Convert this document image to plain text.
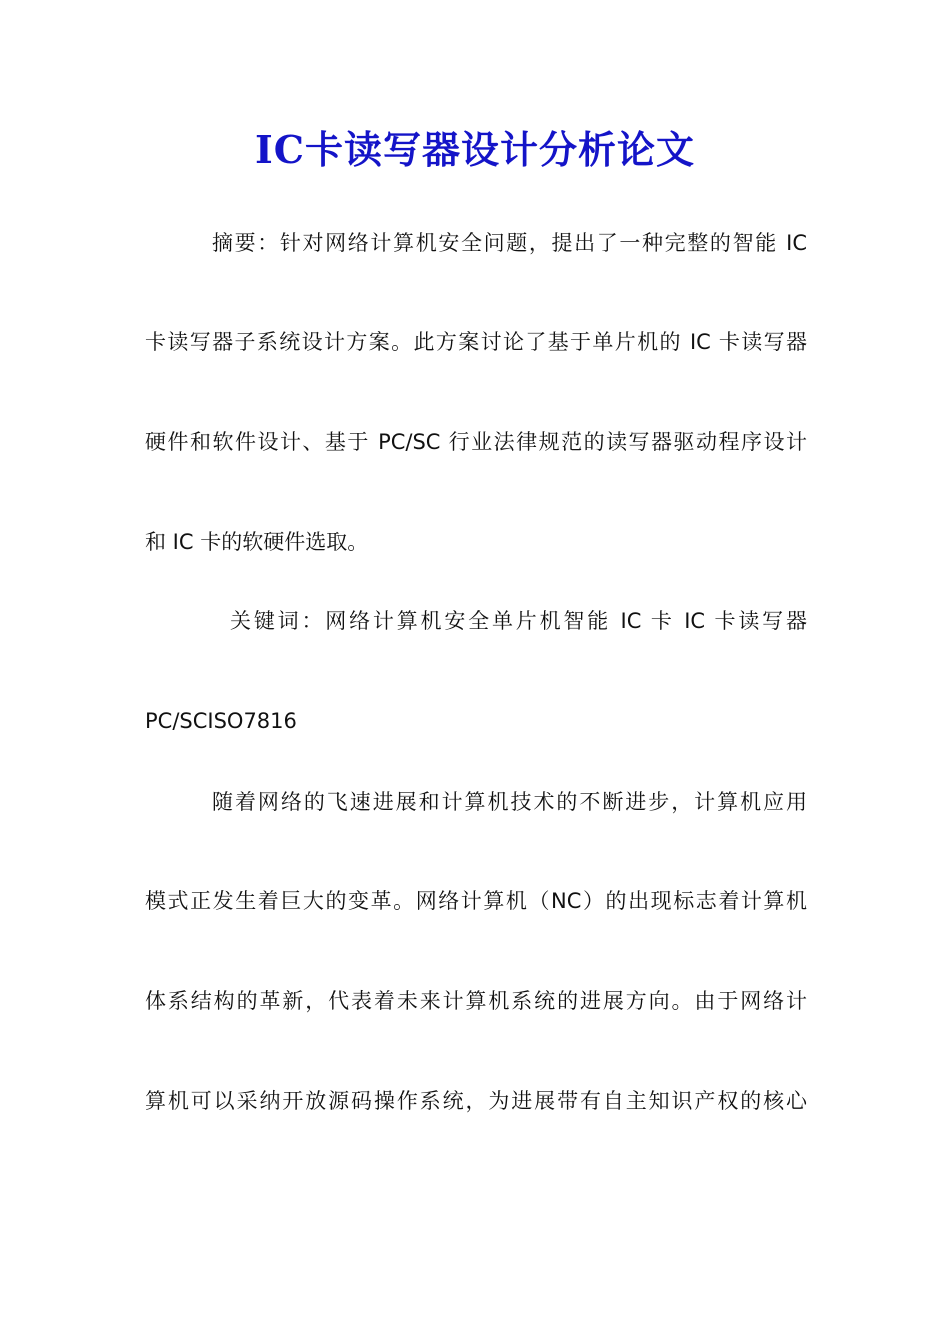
IC卡读写器设计分析论文

摘要：针对网络计算机安全问题，提出了一种完整的智能 IC

卡读写器子系统设计方案。此方案讨论了基于单片机的 IC 卡读写器

硬件和软件设计、基于 PC/SC 行业法律规范的读写器驱动程序设计

和 IC 卡的软硬件选取。

关键词：网络计算机安全单片机智能 IC 卡 IC 卡读写器

PC/SCISO7816

随着网络的飞速进展和计算机技术的不断进步，计算机应用

模式正发生着巨大的变革。网络计算机（NC）的出现标志着计算机

体系结构的革新，代表着未来计算机系统的进展方向。由于网络计

算机可以采纳开放源码操作系统，为进展带有自主知识产权的核心
